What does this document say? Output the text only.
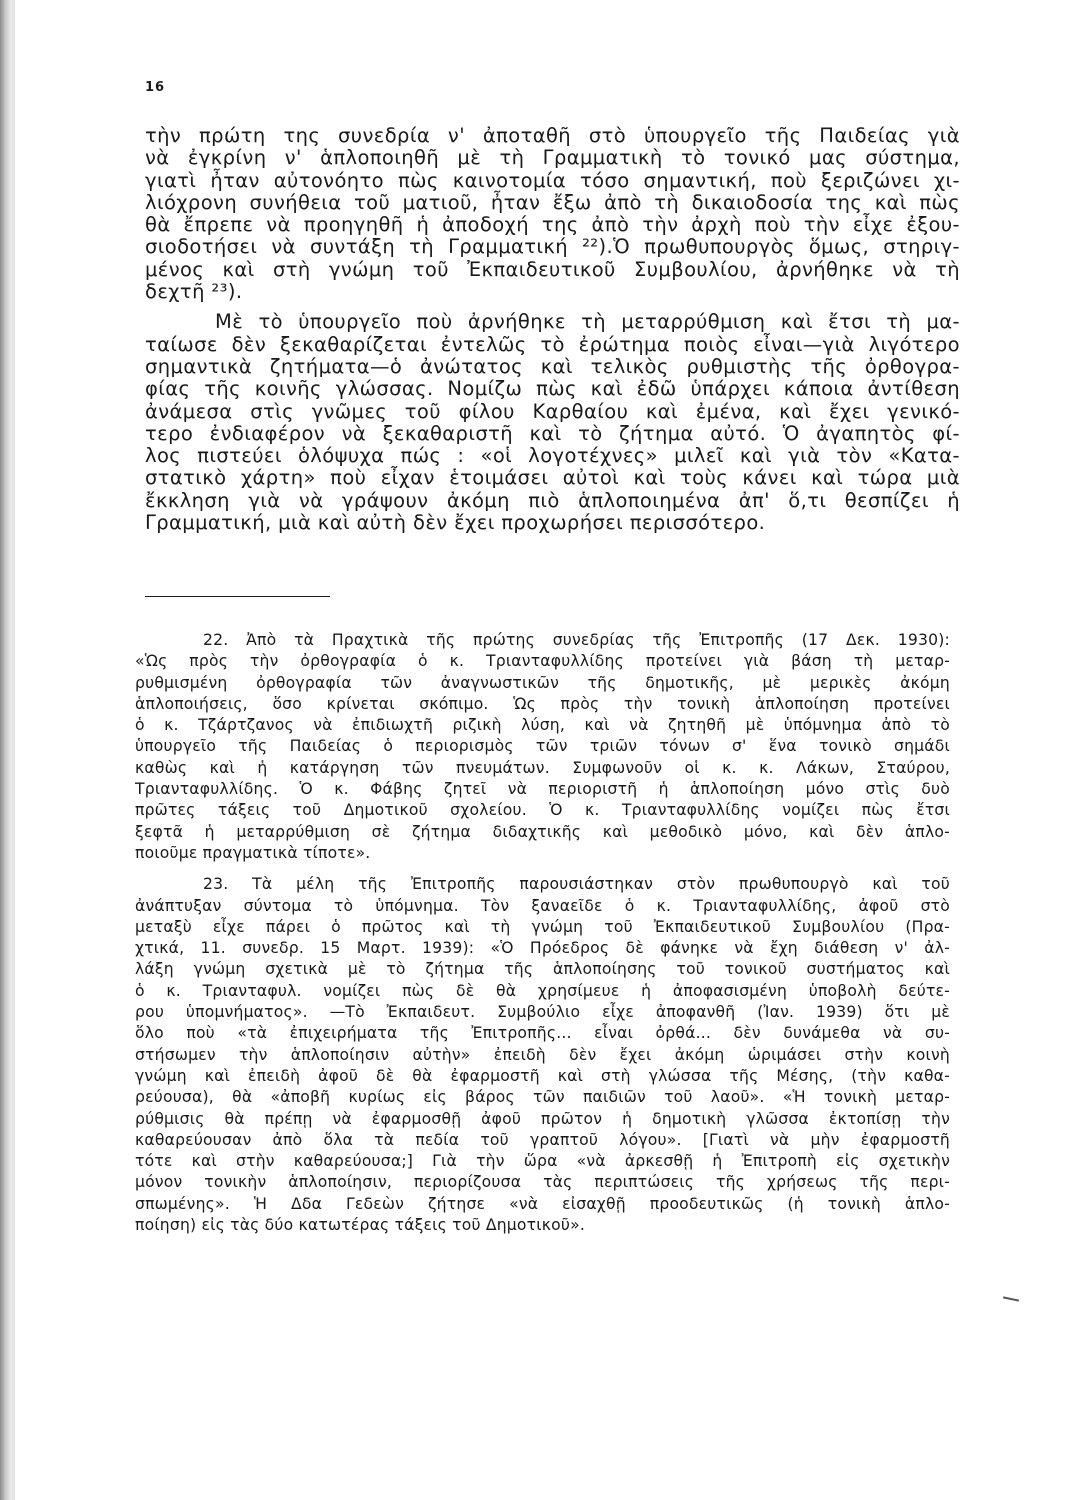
16
τὴν πρώτη της συνεδρία ν' ἀποταθῆ στὸ ὑπουργεῖο τῆς Παιδείας γιὰ
νὰ ἐγκρίνη ν' ἁπλοποιηθῆ μὲ τὴ Γραμματικὴ τὸ τονικό μας σύστημα,
γιατὶ ἦταν αὐτονόητο πὼς καινοτομία τόσο σημαντική, ποὺ ξεριζώνει χι-
λιόχρονη συνήθεια τοῦ ματιοῦ, ἦταν ἔξω ἀπὸ τὴ δικαιοδοσία της καὶ πὼς
θὰ ἔπρεπε νὰ προηγηθῆ ἡ ἀποδοχή της ἀπὸ τὴν ἀρχὴ ποὺ τὴν εἶχε ἐξου-
σιοδοτήσει νὰ συντάξη τὴ Γραμματική ²²).Ὁ πρωθυπουργὸς ὅμως, στηριγ-
μένος καὶ στὴ γνώμη τοῦ Ἐκπαιδευτικοῦ Συμβουλίου, ἀρνήθηκε νὰ τὴ
δεχτῆ ²³).
Μὲ τὸ ὑπουργεῖο ποὺ ἀρνήθηκε τὴ μεταρρύθμιση καὶ ἔτσι τὴ μα-
ταίωσε δὲν ξεκαθαρίζεται ἐντελῶς τὸ ἐρώτημα ποιὸς εἶναι—γιὰ λιγότερο
σημαντικὰ ζητήματα—ὁ ἀνώτατος καὶ τελικὸς ρυθμιστὴς τῆς ὀρθογρα-
φίας τῆς κοινῆς γλώσσας. Νομίζω πὼς καὶ ἐδῶ ὑπάρχει κάποια ἀντίθεση
ἀνάμεσα στὶς γνῶμες τοῦ φίλου Καρθαίου καὶ ἐμένα, καὶ ἔχει γενικό-
τερο ἐνδιαφέρον νὰ ξεκαθαριστῆ καὶ τὸ ζήτημα αὐτό. Ὁ ἀγαπητὸς φί-
λος πιστεύει ὁλόψυχα πώς : «οἱ λογοτέχνες» μιλεῖ καὶ γιὰ τὸν «Κατα-
στατικὸ χάρτη» ποὺ εἶχαν ἑτοιμάσει αὐτοὶ καὶ τοὺς κάνει καὶ τώρα μιὰ
ἔκκληση γιὰ νὰ γράψουν ἀκόμη πιὸ ἁπλοποιημένα ἀπ' ὅ,τι θεσπίζει ἡ
Γραμματική, μιὰ καὶ αὐτὴ δὲν ἔχει προχωρήσει περισσότερο.
22. Ἀπὸ τὰ Πραχτικὰ τῆς πρώτης συνεδρίας τῆς Ἐπιτροπῆς (17 Δεκ. 1930):
«Ὡς πρὸς τὴν ὀρθογραφία ὁ κ. Τριανταφυλλίδης προτείνει γιὰ βάση τὴ μεταρ-
ρυθμισμένη ὀρθογραφία τῶν ἀναγνωστικῶν τῆς δημοτικῆς, μὲ μερικὲς ἀκόμη
ἁπλοποιήσεις, ὅσο κρίνεται σκόπιμο. Ὡς πρὸς τὴν τονικὴ ἁπλοποίηση προτείνει
ὁ κ. Τζάρτζανος νὰ ἐπιδιωχτῆ ριζικὴ λύση, καὶ νὰ ζητηθῆ μὲ ὑπόμνημα ἀπὸ τὸ
ὑπουργεῖο τῆς Παιδείας ὁ περιορισμὸς τῶν τριῶν τόνων σ' ἕνα τονικὸ σημάδι
καθὼς καὶ ἡ κατάργηση τῶν πνευμάτων. Συμφωνοῦν οἱ κ. κ. Λάκων, Σταύρου,
Τριανταφυλλίδης. Ὁ κ. Φάβης ζητεῖ νὰ περιοριστῆ ἡ ἁπλοποίηση μόνο στὶς δυὸ
πρῶτες τάξεις τοῦ Δημοτικοῦ σχολείου. Ὁ κ. Τριανταφυλλίδης νομίζει πὼς ἔτσι
ξεφτᾶ ἡ μεταρρύθμιση σὲ ζήτημα διδαχτικῆς καὶ μεθοδικὸ μόνο, καὶ δὲν ἁπλο-
ποιοῦμε πραγματικὰ τίποτε».
23. Τὰ μέλη τῆς Ἐπιτροπῆς παρουσιάστηκαν στὸν πρωθυπουργὸ καὶ τοῦ
ἀνάπτυξαν σύντομα τὸ ὑπόμνημα. Τὸν ξαναεῖδε ὁ κ. Τριανταφυλλίδης, ἀφοῦ στὸ
μεταξὺ εἶχε πάρει ὁ πρῶτος καὶ τὴ γνώμη τοῦ Ἐκπαιδευτικοῦ Συμβουλίου (Πρα-
χτικά, 11. συνεδρ. 15 Μαρτ. 1939): «Ὁ Πρόεδρος δὲ φάνηκε νὰ ἔχη διάθεση ν' ἀλ-
λάξη γνώμη σχετικὰ μὲ τὸ ζήτημα τῆς ἁπλοποίησης τοῦ τονικοῦ συστήματος καὶ
ὁ κ. Τριανταφυλ. νομίζει πὼς δὲ θὰ χρησίμευε ἡ ἀποφασισμένη ὑποβολὴ δεύτε-
ρου ὑπομνήματος». —Τὸ Ἐκπαιδευτ. Συμβούλιο εἶχε ἀποφανθῆ (Ἰαν. 1939) ὅτι μὲ
ὅλο ποὺ «τὰ ἐπιχειρήματα τῆς Ἐπιτροπῆς... εἶναι ὀρθά... δὲν δυνάμεθα νὰ συ-
στήσωμεν τὴν ἁπλοποίησιν αὐτὴν» ἐπειδὴ δὲν ἔχει ἀκόμη ὡριμάσει στὴν κοινὴ
γνώμη καὶ ἐπειδὴ ἀφοῦ δὲ θὰ ἐφαρμοστῆ καὶ στὴ γλώσσα τῆς Μέσης, (τὴν καθα-
ρεύουσα), θὰ «ἀποβῆ κυρίως εἰς βάρος τῶν παιδιῶν τοῦ λαοῦ». «Ἡ τονικὴ μεταρ-
ρύθμισις θὰ πρέπῃ νὰ ἐφαρμοσθῇ ἀφοῦ πρῶτον ἡ δημοτικὴ γλῶσσα ἐκτοπίσῃ τὴν
καθαρεύουσαν ἀπὸ ὅλα τὰ πεδία τοῦ γραπτοῦ λόγου». [Γιατὶ νὰ μὴν ἐφαρμοστῆ
τότε καὶ στὴν καθαρεύουσα;] Γιὰ τὴν ὥρα «νὰ ἀρκεσθῇ ἡ Ἐπιτροπὴ εἰς σχετικὴν
μόνον τονικὴν ἁπλοποίησιν, περιορίζουσα τὰς περιπτώσεις τῆς χρήσεως τῆς περι-
σπωμένης». Ἡ Δδα Γεδεὼν ζήτησε «νὰ εἰσαχθῇ προοδευτικῶς (ἡ τονικὴ ἁπλο-
ποίηση) εἰς τὰς δύο κατωτέρας τάξεις τοῦ Δημοτικοῦ».
